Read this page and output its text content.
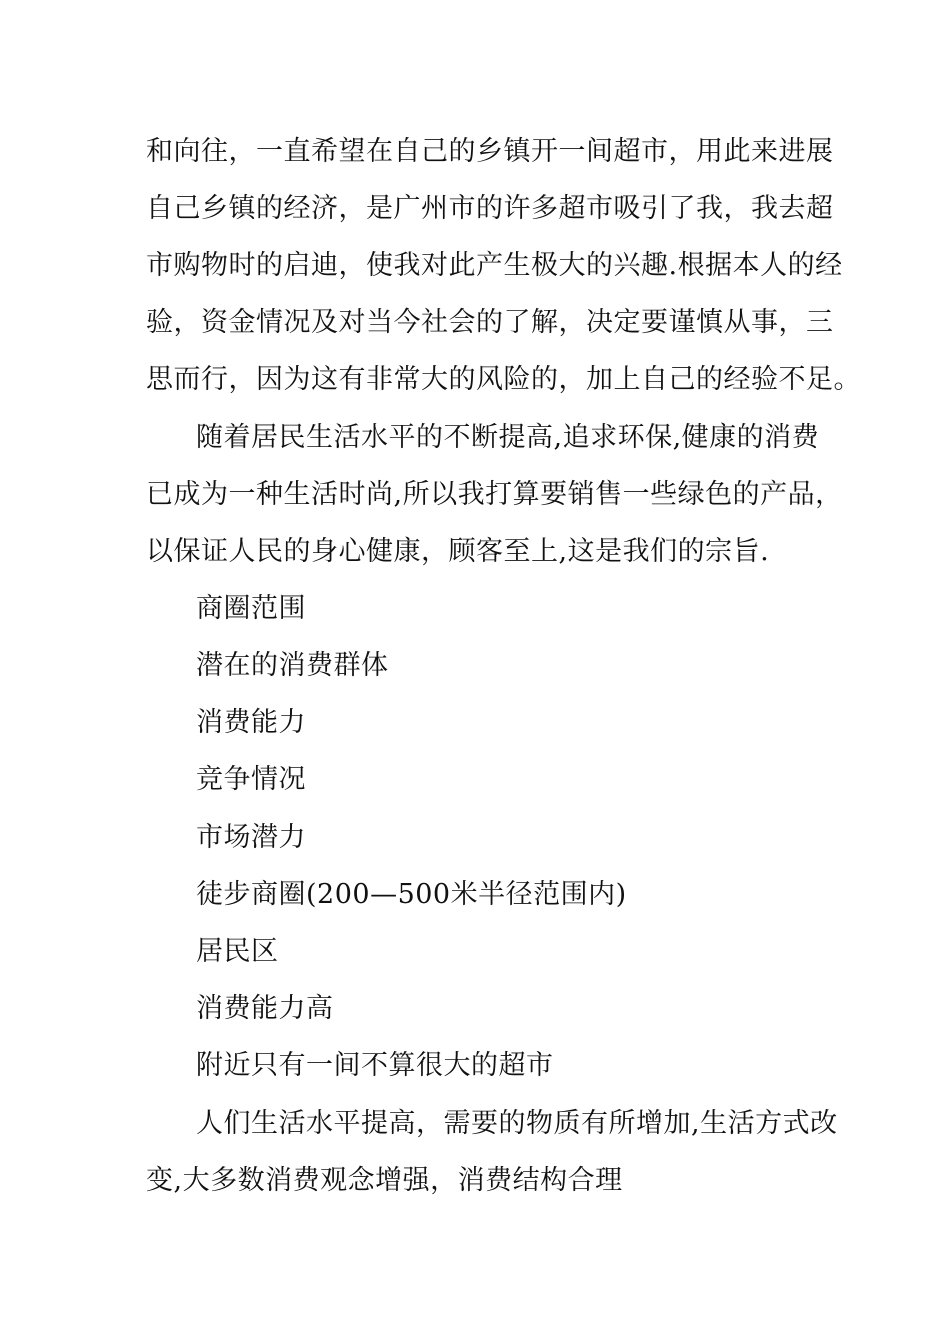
和向往，一直希望在自己的乡镇开一间超市，用此来进展
自己乡镇的经济，是广州市的许多超市吸引了我，我去超
市购物时的启迪，使我对此产生极大的兴趣.根据本人的经
验，资金情况及对当今社会的了解，决定要谨慎从事，三
思而行，因为这有非常大的风险的，加上自己的经验不足。
随着居民生活水平的不断提高,追求环保,健康的消费
已成为一种生活时尚,所以我打算要销售一些绿色的产品，
以保证人民的身心健康，顾客至上,这是我们的宗旨.
商圈范围
潜在的消费群体
消费能力
竞争情况
市场潜力
徒步商圈(200—500米半径范围内)
居民区
消费能力高
附近只有一间不算很大的超市
人们生活水平提高，需要的物质有所增加,生活方式改
变,大多数消费观念增强，消费结构合理
